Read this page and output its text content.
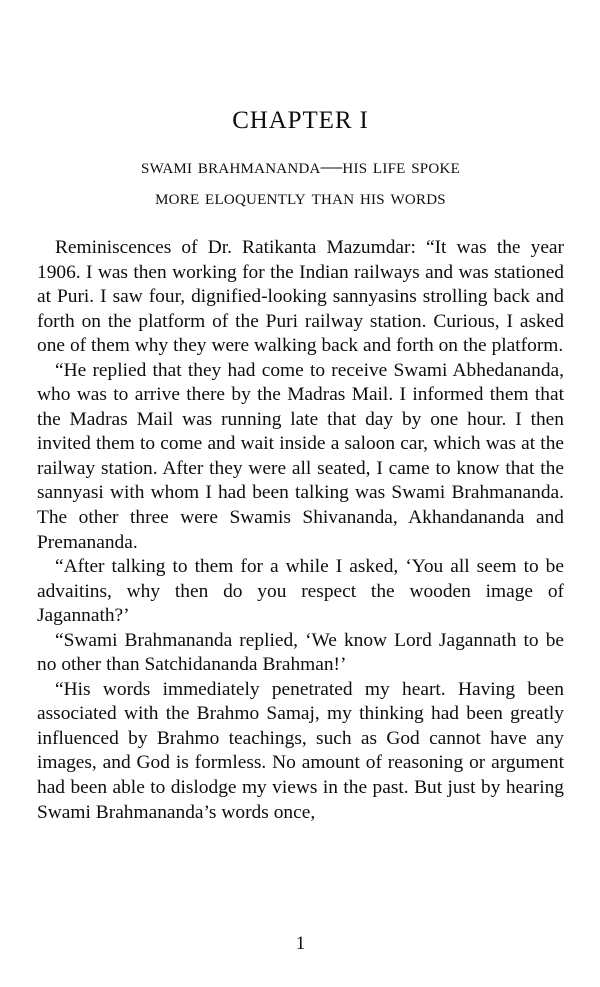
CHAPTER I
swami brahmananda—his life spoke
more eloquently than his words

Reminiscences of Dr. Ratikanta Mazumdar: “It was the year 1906. I was then working for the Indian railways and was stationed at Puri. I saw four, dignified-looking sannyasins strolling back and forth on the platform of the Puri railway station. Curious, I asked one of them why they were walking back and forth on the platform.

“He replied that they had come to receive Swami Abhedananda, who was to arrive there by the Madras Mail. I informed them that the Madras Mail was running late that day by one hour. I then invited them to come and wait inside a saloon car, which was at the railway station. After they were all seated, I came to know that the sannyasi with whom I had been talking was Swami Brahmananda. The other three were Swamis Shivananda, Akhandananda and Premananda.

“After talking to them for a while I asked, ‘You all seem to be advaitins, why then do you respect the wooden image of Jagannath?’

“Swami Brahmananda replied, ‘We know Lord Jagannath to be no other than Satchidananda Brahman!’

“His words immediately penetrated my heart. Having been associated with the Brahmo Samaj, my thinking had been greatly influenced by Brahmo teachings, such as God cannot have any images, and God is formless. No amount of reasoning or argument had been able to dislodge my views in the past. But just by hearing Swami Brahmananda’s words once,

1
